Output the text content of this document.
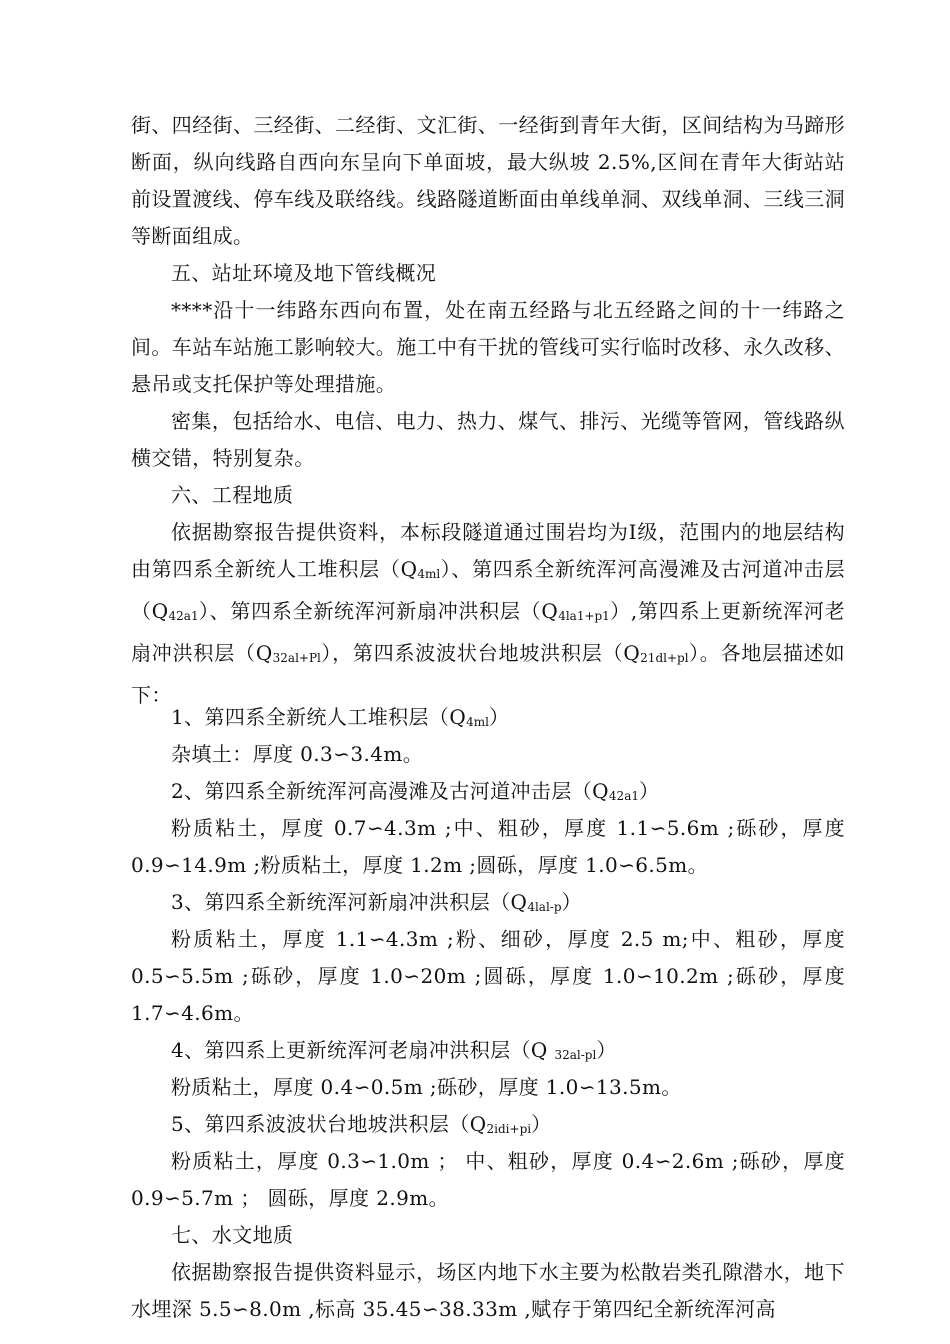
街、四经街、三经街、二经街、文汇街、一经街到青年大街，区间结构为马蹄形断面，纵向线路自西向东呈向下单面坡，最大纵坡 2.5%,区间在青年大街站站前设置渡线、停车线及联络线。线路隧道断面由单线单洞、双线单洞、三线三洞等断面组成。

五、站址环境及地下管线概况

****沿十一纬路东西向布置，处在南五经路与北五经路之间的十一纬路之间。车站车站施工影响较大。施工中有干扰的管线可实行临时改移、永久改移、悬吊或支托保护等处理措施。

密集，包括给水、电信、电力、热力、煤气、排污、光缆等管网，管线路纵横交错，特别复杂。

六、工程地质

依据勘察报告提供资料，本标段隧道通过围岩均为Ⅰ级，范围内的地层结构由第四系全新统人工堆积层（Q4ml）、第四系全新统浑河高漫滩及古河道冲击层（Q42a1）、第四系全新统浑河新扇冲洪积层（Q4la1+p1）,第四系上更新统浑河老扇冲洪积层（Q32al+Pl），第四系波波状台地坡洪积层（Q21dl+pl）。各地层描述如下：

1、第四系全新统人工堆积层（Q4ml）

杂填土：厚度 0.3∽3.4m。

2、第四系全新统浑河高漫滩及古河道冲击层（Q42a1）

粉质粘土，厚度 0.7∽4.3m ;中、粗砂，厚度 1.1∽5.6m ;砾砂，厚度 0.9∽14.9m ;粉质粘土，厚度 1.2m ;圆砾，厚度 1.0∽6.5m。

3、第四系全新统浑河新扇冲洪积层（Q4lal-p）

粉质粘土，厚度 1.1∽4.3m ;粉、细砂，厚度 2.5 m;中、粗砂，厚度 0.5∽5.5m ;砾砂，厚度 1.0∽20m ;圆砾，厚度 1.0∽10.2m ;砾砂，厚度 1.7∽4.6m。

4、第四系上更新统浑河老扇冲洪积层（Q 32al-pl）

粉质粘土，厚度 0.4∽0.5m ;砾砂，厚度 1.0∽13.5m。

5、第四系波波状台地坡洪积层（Q2idi+pi）

粉质粘土，厚度 0.3∽1.0m ； 中、粗砂，厚度 0.4∽2.6m ;砾砂，厚度 0.9∽5.7m ； 圆砾，厚度 2.9m。

七、水文地质

依据勘察报告提供资料显示，场区内地下水主要为松散岩类孔隙潜水，地下水埋深 5.5∽8.0m ,标高 35.45∽38.33m ,赋存于第四纪全新统浑河高
